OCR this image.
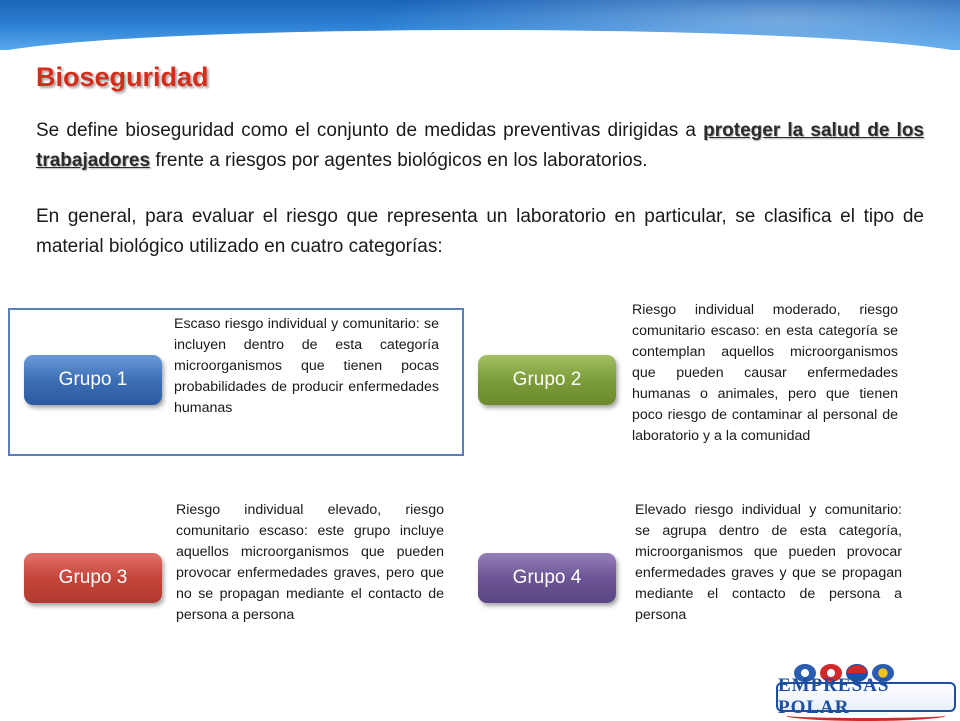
Bioseguridad

Se define bioseguridad como el conjunto de medidas preventivas dirigidas a proteger la salud de los trabajadores frente a riesgos por agentes biológicos en los laboratorios.

En general, para evaluar el riesgo que representa un laboratorio en particular, se clasifica el tipo de material biológico utilizado en cuatro categorías:

Grupo 1

Escaso riesgo individual y comunitario: se incluyen dentro de esta categoría microorganismos que tienen pocas probabilidades de producir enfermedades humanas

Grupo 2

Riesgo individual moderado, riesgo comunitario escaso: en esta categoría se contemplan aquellos microorganismos que pueden causar enfermedades humanas o animales, pero que tienen poco riesgo de contaminar al personal de laboratorio y a la comunidad

Grupo 3

Riesgo individual elevado, riesgo comunitario escaso: este grupo incluye aquellos microorganismos que pueden provocar enfermedades graves, pero que no se propagan mediante el contacto de persona a persona

Grupo 4

Elevado riesgo individual y comunitario: se agrupa dentro de esta categoría, microorganismos que pueden provocar enfermedades graves y que se propagan mediante el contacto de persona a persona

EMPRESAS POLAR
